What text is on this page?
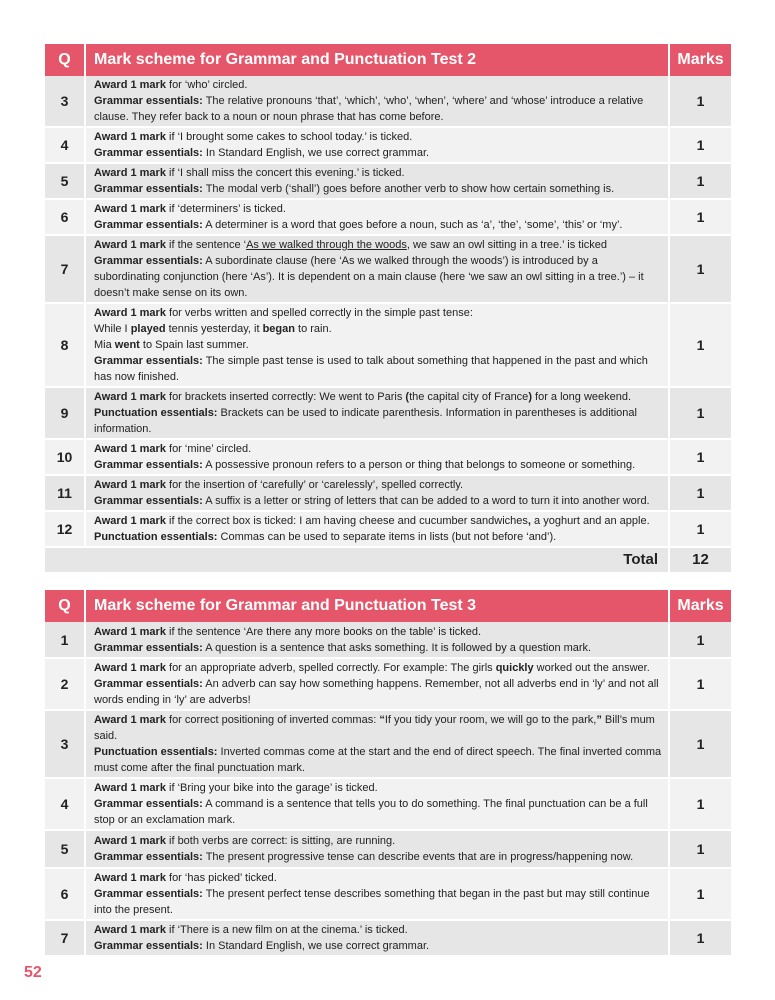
Q	Mark scheme for Grammar and Punctuation Test 2	Marks
3	Award 1 mark for ‘who’ circled.

Grammar essentials: The relative pronouns ‘that’, ‘which’, ‘who’, ‘when’, ‘where’ and ‘whose’ introduce a relative clause. They refer back to a noun or noun phrase that has come before.	1
4	Award 1 mark if ‘I brought some cakes to school today.’ is ticked.

Grammar essentials: In Standard English, we use correct grammar.	1
5	Award 1 mark if ‘I shall miss the concert this evening.’ is ticked.

Grammar essentials: The modal verb (‘shall’) goes before another verb to show how certain something is.	1
6	Award 1 mark if ‘determiners’ is ticked.

Grammar essentials: A determiner is a word that goes before a noun, such as ‘a’, ‘the’, ‘some’, ‘this’ or ‘my’.	1
7	Award 1 mark if the sentence ‘As we walked through the woods, we saw an owl sitting in a tree.’ is ticked

Grammar essentials: A subordinate clause (here ‘As we walked through the woods’) is introduced by a subordinating conjunction (here ‘As’). It is dependent on a main clause (here ‘we saw an owl sitting in a tree.’) – it doesn’t make sense on its own.	1
8	Award 1 mark for verbs written and spelled correctly in the simple past tense:

While I played tennis yesterday, it began to rain.

Mia went to Spain last summer.

Grammar essentials: The simple past tense is used to talk about something that happened in the past and which has now finished.	1
9	Award 1 mark for brackets inserted correctly: We went to Paris (the capital city of France) for a long weekend.

Punctuation essentials: Brackets can be used to indicate parenthesis. Information in parentheses is additional information.	1
10	Award 1 mark for ‘mine’ circled.

Grammar essentials: A possessive pronoun refers to a person or thing that belongs to someone or something.	1
11	Award 1 mark for the insertion of ‘carefully’ or ‘carelessly’, spelled correctly.

Grammar essentials: A suffix is a letter or string of letters that can be added to a word to turn it into another word.	1
12	Award 1 mark if the correct box is ticked: I am having cheese and cucumber sandwiches, a yoghurt and an apple.

Punctuation essentials: Commas can be used to separate items in lists (but not before ‘and’).	1
Total		12
Q	Mark scheme for Grammar and Punctuation Test 3	Marks
1	Award 1 mark if the sentence ‘Are there any more books on the table’ is ticked.

Grammar essentials: A question is a sentence that asks something. It is followed by a question mark.	1
2	Award 1 mark for an appropriate adverb, spelled correctly. For example: The girls quickly worked out the answer.

Grammar essentials: An adverb can say how something happens. Remember, not all adverbs end in ‘ly’ and not all words ending in ‘ly’ are adverbs!	1
3	Award 1 mark for correct positioning of inverted commas: “If you tidy your room, we will go to the park,” Bill’s mum said.

Punctuation essentials: Inverted commas come at the start and the end of direct speech. The final inverted comma must come after the final punctuation mark.	1
4	Award 1 mark if ‘Bring your bike into the garage’ is ticked.

Grammar essentials: A command is a sentence that tells you to do something. The final punctuation can be a full stop or an exclamation mark.	1
5	Award 1 mark if both verbs are correct: is sitting, are running.

Grammar essentials: The present progressive tense can describe events that are in progress/happening now.	1
6	Award 1 mark for ‘has picked’ ticked.

Grammar essentials: The present perfect tense describes something that began in the past but may still continue into the present.	1
7	Award 1 mark if ‘There is a new film on at the cinema.’ is ticked.

Grammar essentials: In Standard English, we use correct grammar.	1
52
